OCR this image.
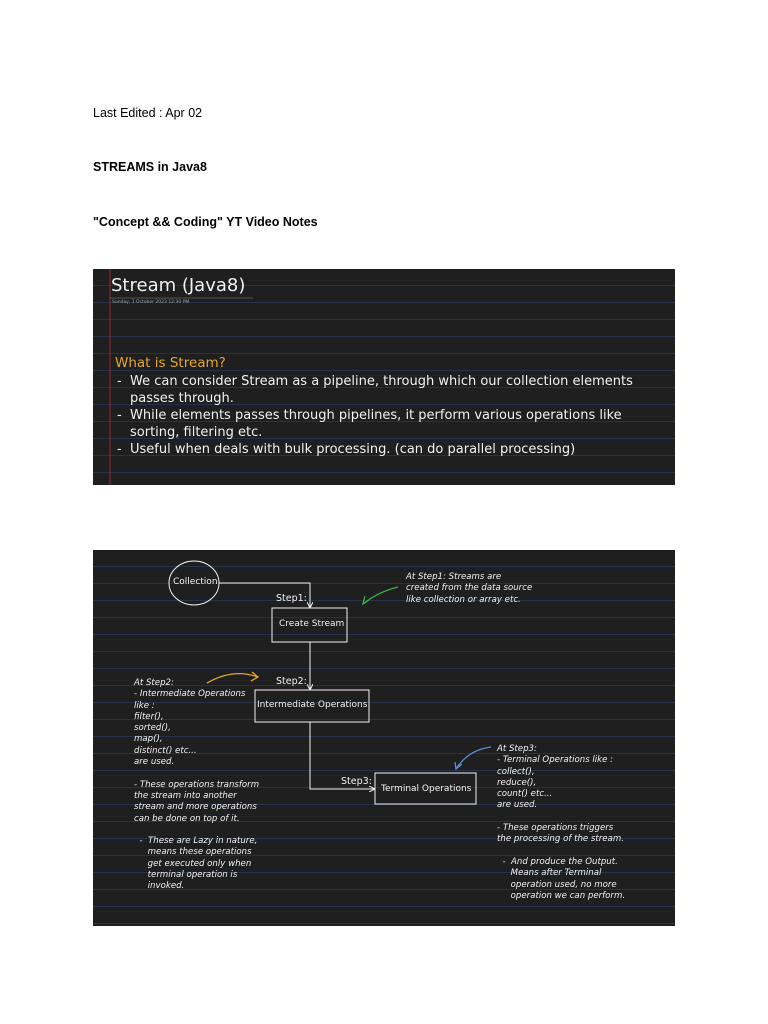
Last Edited : Apr 02
STREAMS in Java8
"Concept && Coding" YT Video Notes
Stream (Java8)
Sunday, 1 October 2023 12:30 PM
What is Stream?
- We can consider Stream as a pipeline, through which our collection elements passes through.
- While elements passes through pipelines, it perform various operations like sorting, filtering etc.
- Useful when deals with bulk processing. (can do parallel processing)
Collection
Step1:
Create Stream
Step2:
Intermediate Operations
Step3:
Terminal Operations
At Step1: Streams are
created from the data source
like collection or array etc.
At Step2:
- Intermediate Operations
like :
filter(),
sorted(),
map(),
distinct() etc...
are used.

- These operations transform
the stream into another
stream and more operations
can be done on top of it.

-  These are Lazy in nature,
means these operations
get executed only when
terminal operation is
invoked.
At Step3:
- Terminal Operations like :
collect(),
reduce(),
count() etc...
are used.

- These operations triggers
the processing of the stream.

-  And produce the Output.
Means after Terminal
operation used, no more
operation we can perform.
